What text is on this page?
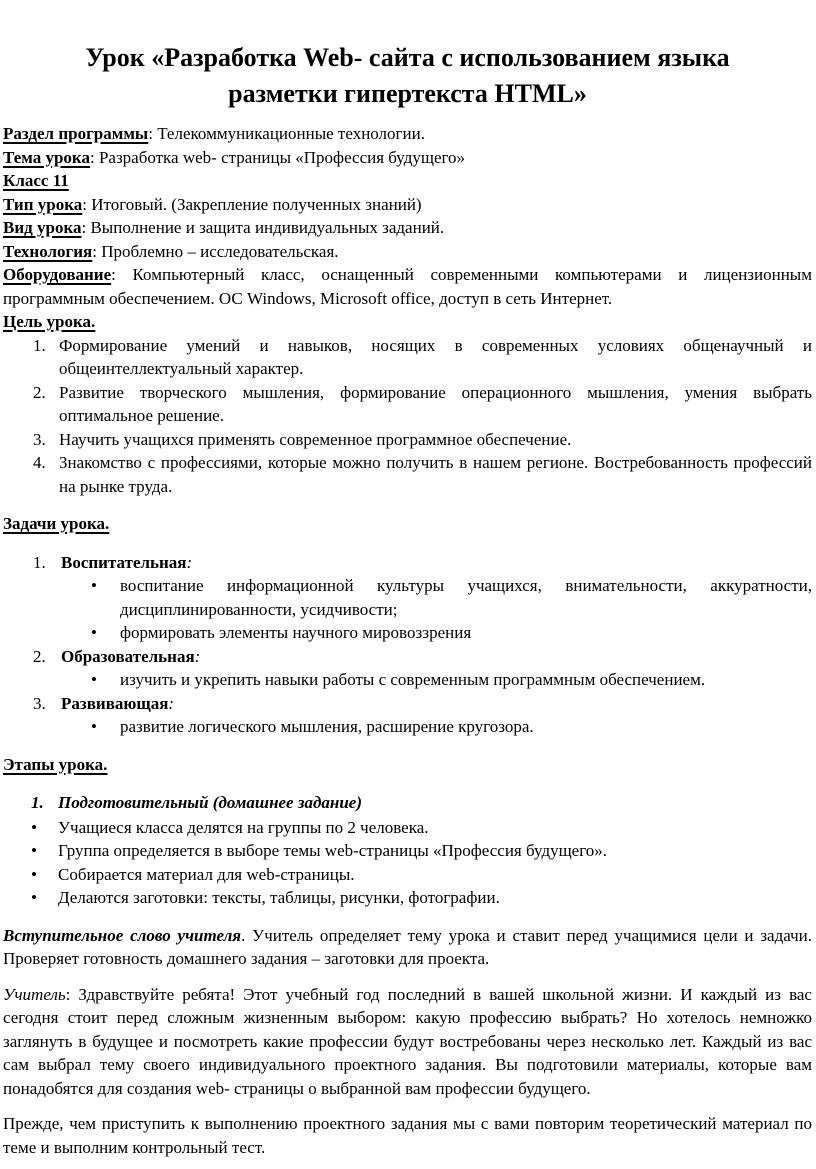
Урок «Разработка Web- сайта с использованием языка
разметки гипертекста HTML»

Раздел программы: Телекоммуникационные технологии.

Тема урока: Разработка web- страницы «Профессия будущего»

Класс 11

Тип урока: Итоговый. (Закрепление полученных знаний)

Вид урока: Выполнение и защита индивидуальных заданий.

Технология: Проблемно – исследовательская.

Оборудование: Компьютерный класс, оснащенный современными компьютерами и лицензионным программным обеспечением. ОС Windows, Microsoft office, доступ в сеть Интернет.

Цель урока.

1. Формирование умений и навыков, носящих в современных условиях общенаучный и общеинтеллектуальный характер.
2. Развитие творческого мышления, формирование операционного мышления, умения выбрать оптимальное решение.
3. Научить учащихся применять современное программное обеспечение.
4. Знакомство с профессиями, которые можно получить в нашем регионе. Востребованность профессий на рынке труда.

Задачи урока.

1. Воспитательная:
•	воспитание информационной культуры учащихся, внимательности, аккуратности, дисциплинированности, усидчивости;
•	формировать элементы научного мировоззрения
2. Образовательная:
•	изучить и укрепить навыки работы с современным программным обеспечением.
3. Развивающая:
•	развитие логического мышления, расширение кругозора.

Этапы урока.

1. Подготовительный (домашнее задание)
•	Учащиеся класса делятся на группы по 2 человека.
•	Группа определяется в выборе темы web-страницы «Профессия будущего».
•	Собирается материал для web-страницы.
•	Делаются заготовки: тексты, таблицы, рисунки, фотографии.

Вступительное слово учителя. Учитель определяет тему урока и ставит перед учащимися цели и задачи. Проверяет готовность домашнего задания – заготовки для проекта.

Учитель: Здравствуйте ребята! Этот учебный год последний в вашей школьной жизни. И каждый из вас сегодня стоит перед сложным жизненным выбором: какую профессию выбрать? Но хотелось немножко заглянуть в будущее и посмотреть какие профессии будут востребованы через несколько лет. Каждый из вас сам выбрал тему своего индивидуального проектного задания. Вы подготовили материалы, которые вам понадобятся для создания web- страницы о выбранной вам профессии будущего.

Прежде, чем приступить к выполнению проектного задания мы с вами повторим теоретический материал по теме и выполним контрольный тест.
